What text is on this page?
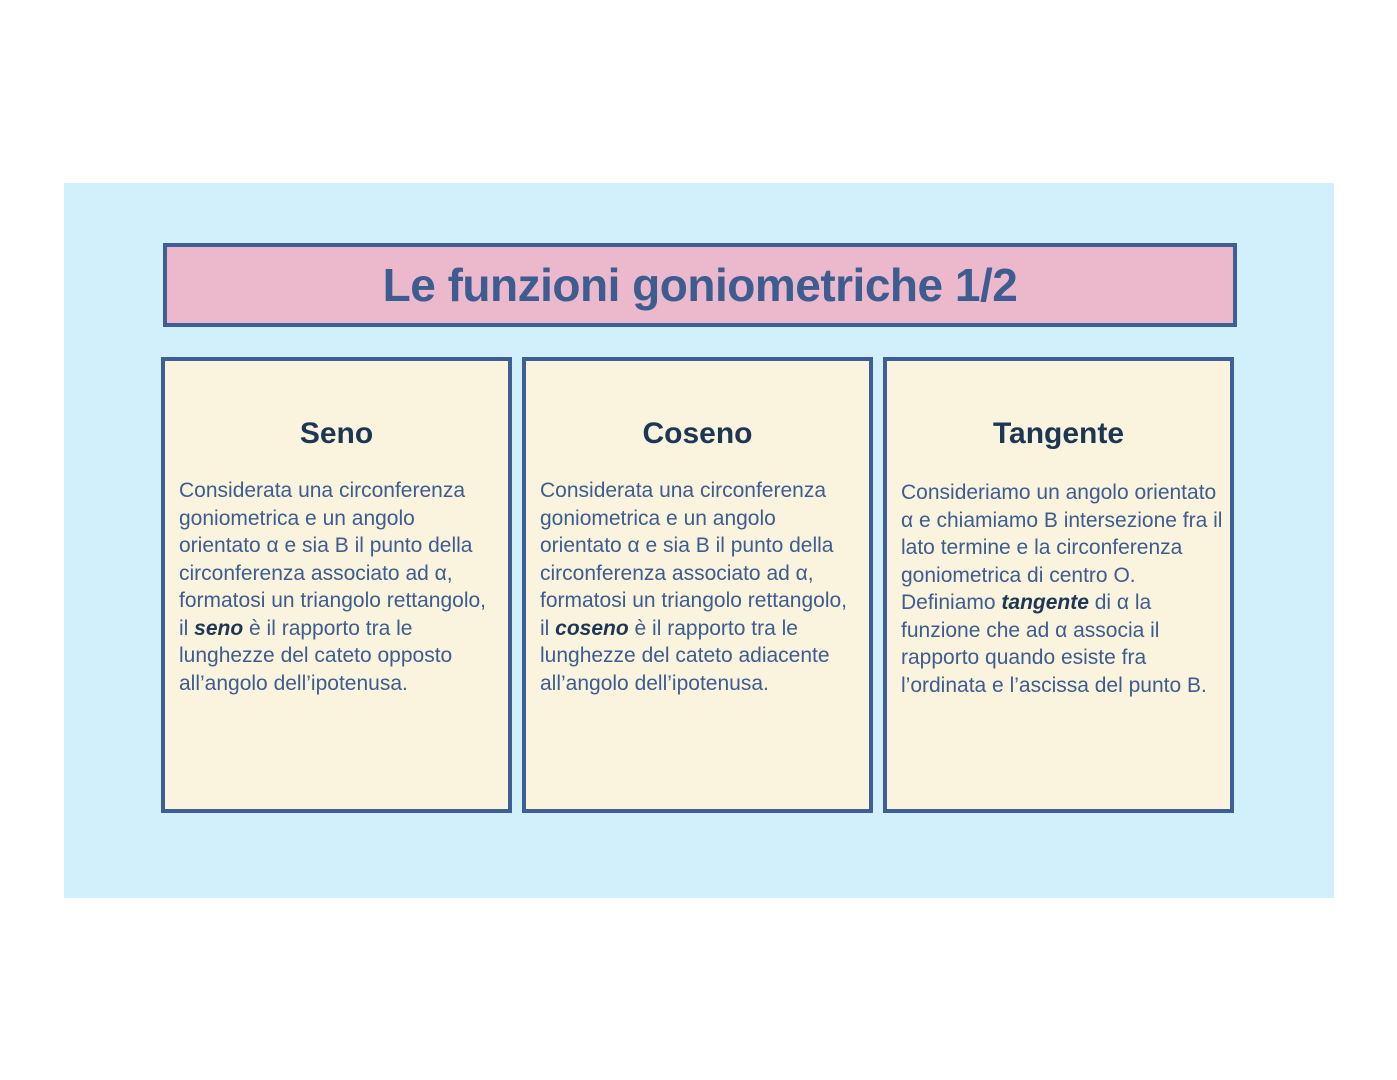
Le funzioni goniometriche 1/2
Seno
Considerata una circonferenza goniometrica e un angolo orientato α e sia B il punto della circonferenza associato ad α, formatosi un triangolo rettangolo, il seno è il rapporto tra le lunghezze del cateto opposto all’angolo dell’ipotenusa.
Coseno
Considerata una circonferenza goniometrica e un angolo orientato α e sia B il punto della circonferenza associato ad α, formatosi un triangolo rettangolo, il coseno è il rapporto tra le lunghezze del cateto adiacente all’angolo dell’ipotenusa.
Tangente
Consideriamo un angolo orientato α e chiamiamo B intersezione fra il lato termine e la circonferenza goniometrica di centro O. Definiamo tangente di α la funzione che ad α associa il rapporto quando esiste fra l’ordinata e l’ascissa del punto B.
